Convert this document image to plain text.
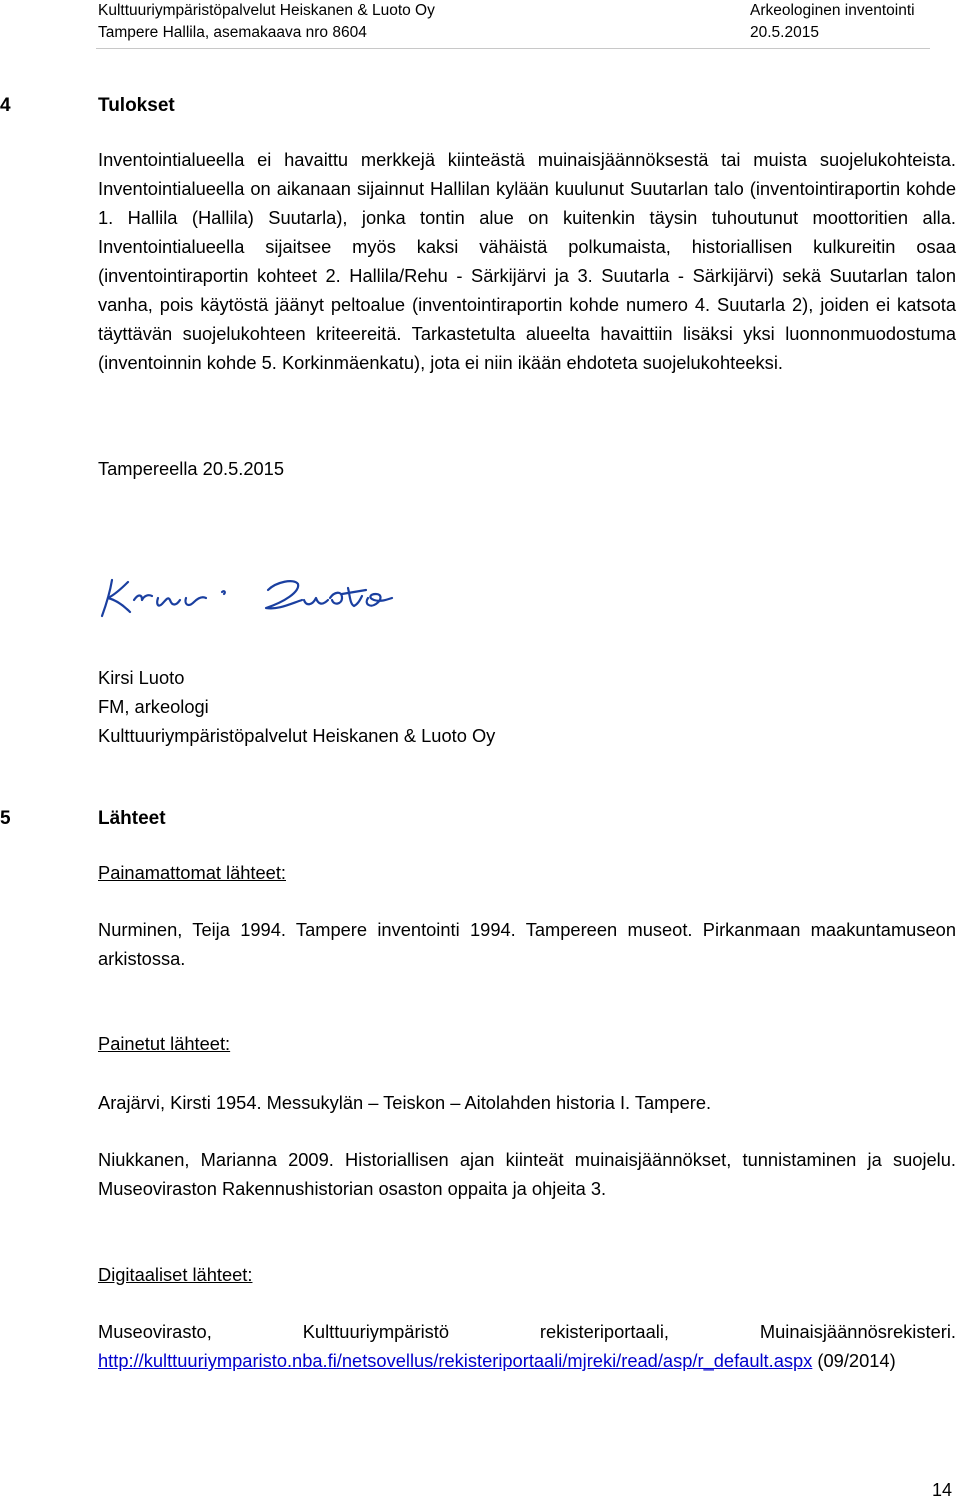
Kulttuuriympäristöpalvelut Heiskanen & Luoto Oy
Tampere Hallila, asemakaava nro 8604
Arkeologinen inventointi
20.5.2015
4	Tulokset
Inventointialueella ei havaittu merkkejä kiinteästä muinaisjäännöksestä tai muista suojelukohteista. Inventointialueella on aikanaan sijainnut Hallilan kylään kuulunut Suutarlan talo (inventointiraportin kohde 1. Hallila (Hallila) Suutarla), jonka tontin alue on kuitenkin täysin tuhoutunut moottoritien alla. Inventointialueella sijaitsee myös kaksi vähäistä polkumaista, historiallisen kulkureitin osaa (inventointiraportin kohteet 2. Hallila/Rehu - Särkijärvi ja 3. Suutarla - Särkijärvi) sekä Suutarlan talon vanha, pois käytöstä jäänyt peltoalue (inventointiraportin kohde numero 4. Suutarla 2), joiden ei katsota täyttävän suojelukohteen kriteereitä. Tarkastetulta alueelta havaittiin lisäksi yksi luonnonmuodostuma (inventoinnin kohde 5. Korkinmäenkatu), jota ei niin ikään ehdoteta suojelukohteeksi.
Tampereella 20.5.2015
Kirsi Luoto
FM, arkeologi
Kulttuuriympäristöpalvelut Heiskanen & Luoto Oy
5	Lähteet
Painamattomat lähteet:
Nurminen, Teija 1994. Tampere inventointi 1994. Tampereen museot. Pirkanmaan maakuntamuseon arkistossa.
Painetut lähteet:
Arajärvi, Kirsti 1954. Messukylän – Teiskon – Aitolahden historia I. Tampere.
Niukkanen, Marianna 2009. Historiallisen ajan kiinteät muinaisjäännökset, tunnistaminen ja suojelu. Museoviraston Rakennushistorian osaston oppaita ja ohjeita 3.
Digitaaliset lähteet:
Museovirasto, Kulttuuriympäristö rekisteriportaali, Muinaisjäännösrekisteri.
http://kulttuuriymparisto.nba.fi/netsovellus/rekisteriportaali/mjreki/read/asp/r_default.aspx (09/2014)
14
